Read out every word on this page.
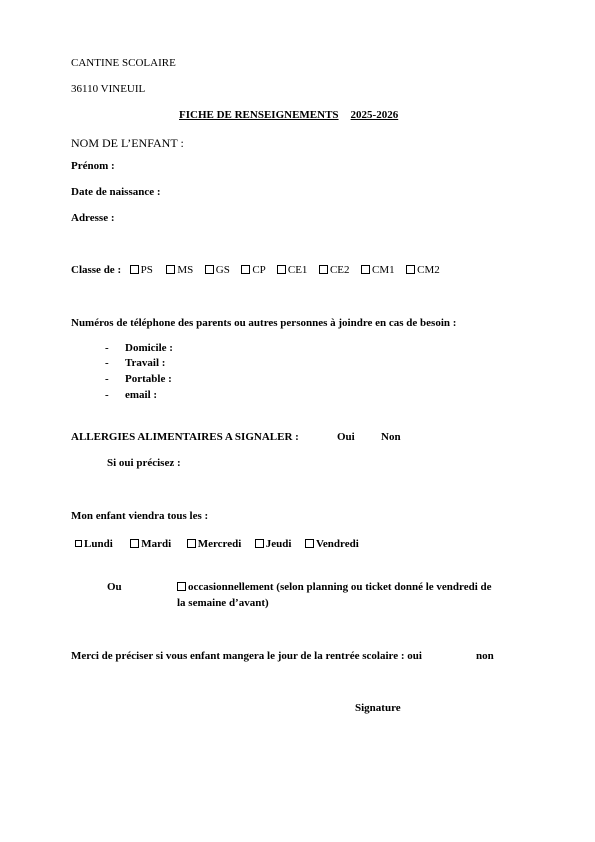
CANTINE SCOLAIRE
36110 VINEUIL
FICHE DE RENSEIGNEMENTS 2025-2026
NOM DE L’ENFANT :
Prénom :
Date de naissance :
Adresse :
Classe de : PS MS GS CP CE1 CE2 CM1 CM2
Numéros de téléphone des parents ou autres personnes à joindre en cas de besoin :
- Domicile :
- Travail :
- Portable :
- email :
ALLERGIES ALIMENTAIRES A SIGNALER :	Oui Non
Si oui précisez :
Mon enfant viendra tous les :
Lundi	Mardi Mercredi Jeudi Vendredi
Ou	occasionnellement (selon planning ou ticket donné le vendredi de
la semaine d’avant)
Merci de préciser si vous enfant mangera le jour de la rentrée scolaire : oui	non
Signature
